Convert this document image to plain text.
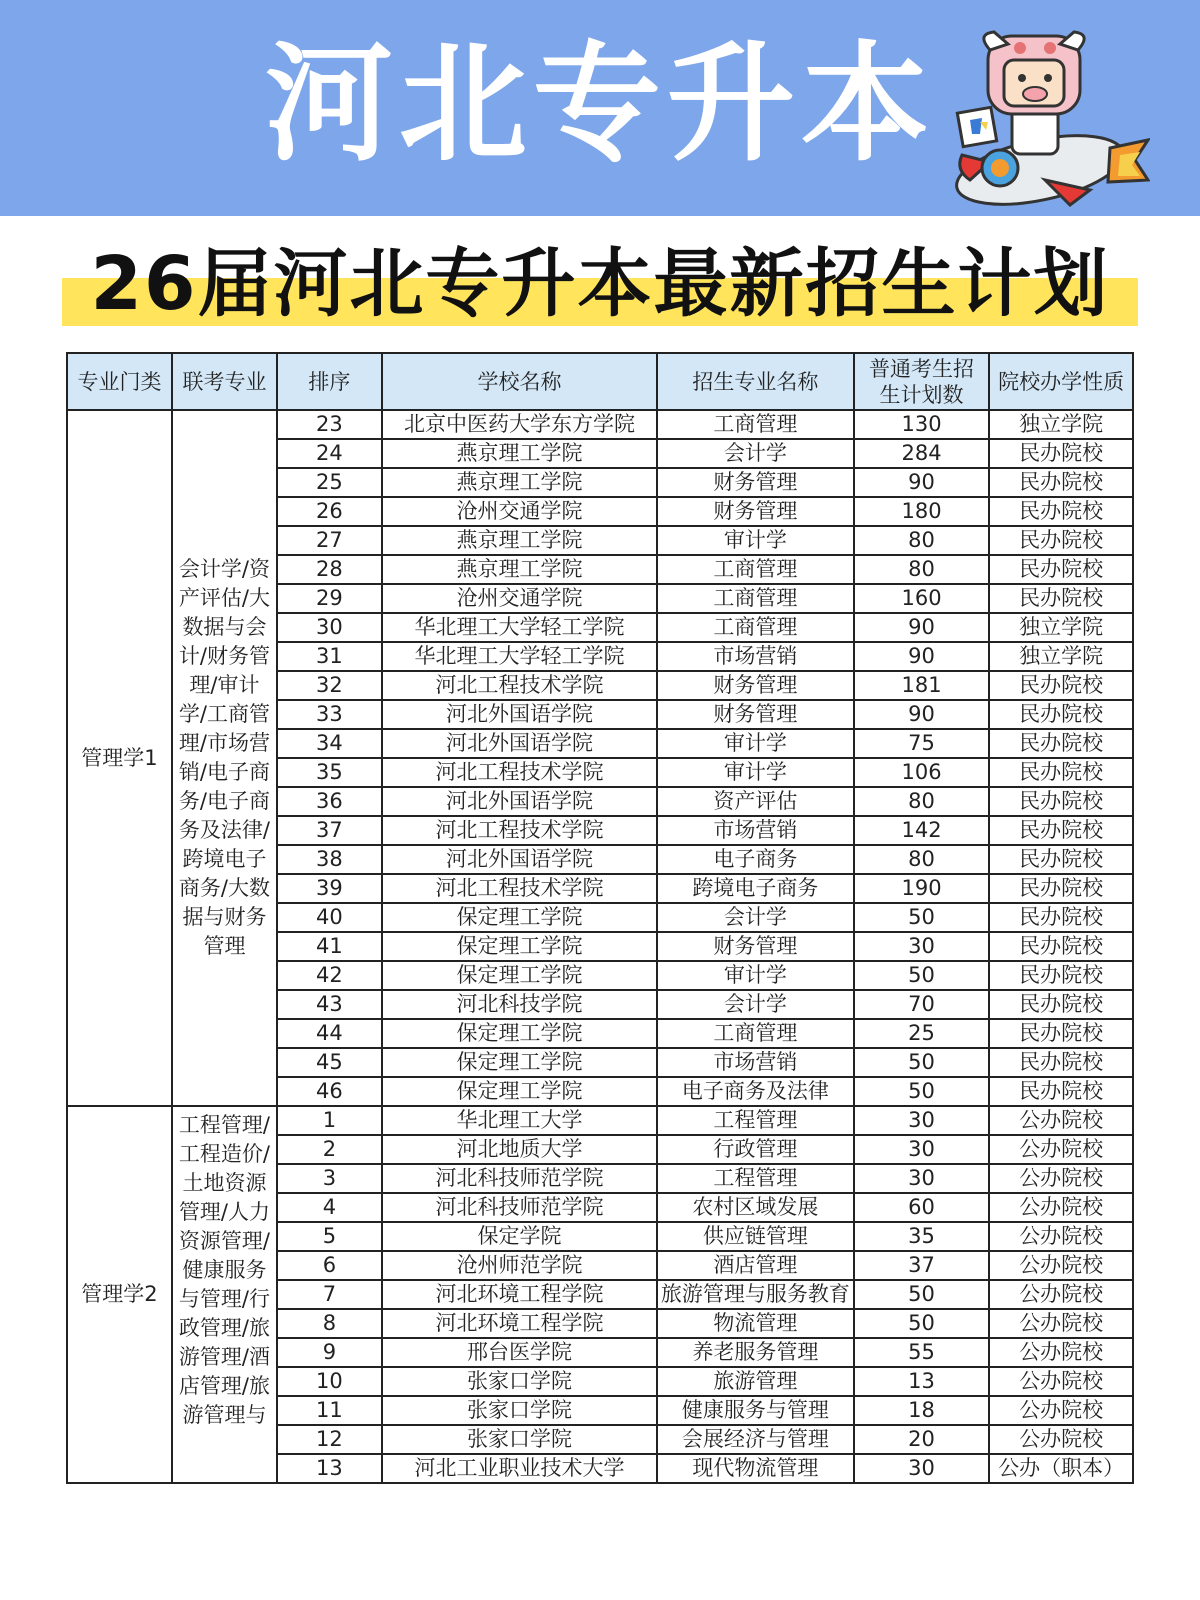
河北专升本
26届河北专升本最新招生计划
专业门类	联考专业	排序	学校名称	招生专业名称	普通考生招生计划数	院校办学性质
管理学1	会计学/资产评估/大数据与会计/财务管理/审计学/工商管理/市场营销/电子商务/电子商务及法律/跨境电子商务/大数据与财务管理	23	北京中医药大学东方学院	工商管理	130	独立学院
		24	燕京理工学院	会计学	284	民办院校
		25	燕京理工学院	财务管理	90	民办院校
		26	沧州交通学院	财务管理	180	民办院校
		27	燕京理工学院	审计学	80	民办院校
		28	燕京理工学院	工商管理	80	民办院校
		29	沧州交通学院	工商管理	160	民办院校
		30	华北理工大学轻工学院	工商管理	90	独立学院
		31	华北理工大学轻工学院	市场营销	90	独立学院
		32	河北工程技术学院	财务管理	181	民办院校
		33	河北外国语学院	财务管理	90	民办院校
		34	河北外国语学院	审计学	75	民办院校
		35	河北工程技术学院	审计学	106	民办院校
		36	河北外国语学院	资产评估	80	民办院校
		37	河北工程技术学院	市场营销	142	民办院校
		38	河北外国语学院	电子商务	80	民办院校
		39	河北工程技术学院	跨境电子商务	190	民办院校
		40	保定理工学院	会计学	50	民办院校
		41	保定理工学院	财务管理	30	民办院校
		42	保定理工学院	审计学	50	民办院校
		43	河北科技学院	会计学	70	民办院校
		44	保定理工学院	工商管理	25	民办院校
		45	保定理工学院	市场营销	50	民办院校
		46	保定理工学院	电子商务及法律	50	民办院校
管理学2	工程管理/工程造价/土地资源管理/人力资源管理/健康服务与管理/行政管理/旅游管理/酒店管理/旅游管理与	1	华北理工大学	工程管理	30	公办院校
		2	河北地质大学	行政管理	30	公办院校
		3	河北科技师范学院	工程管理	30	公办院校
		4	河北科技师范学院	农村区域发展	60	公办院校
		5	保定学院	供应链管理	35	公办院校
		6	沧州师范学院	酒店管理	37	公办院校
		7	河北环境工程学院	旅游管理与服务教育	50	公办院校
		8	河北环境工程学院	物流管理	50	公办院校
		9	邢台医学院	养老服务管理	55	公办院校
		10	张家口学院	旅游管理	13	公办院校
		11	张家口学院	健康服务与管理	18	公办院校
		12	张家口学院	会展经济与管理	20	公办院校
		13	河北工业职业技术大学	现代物流管理	30	公办（职本）
